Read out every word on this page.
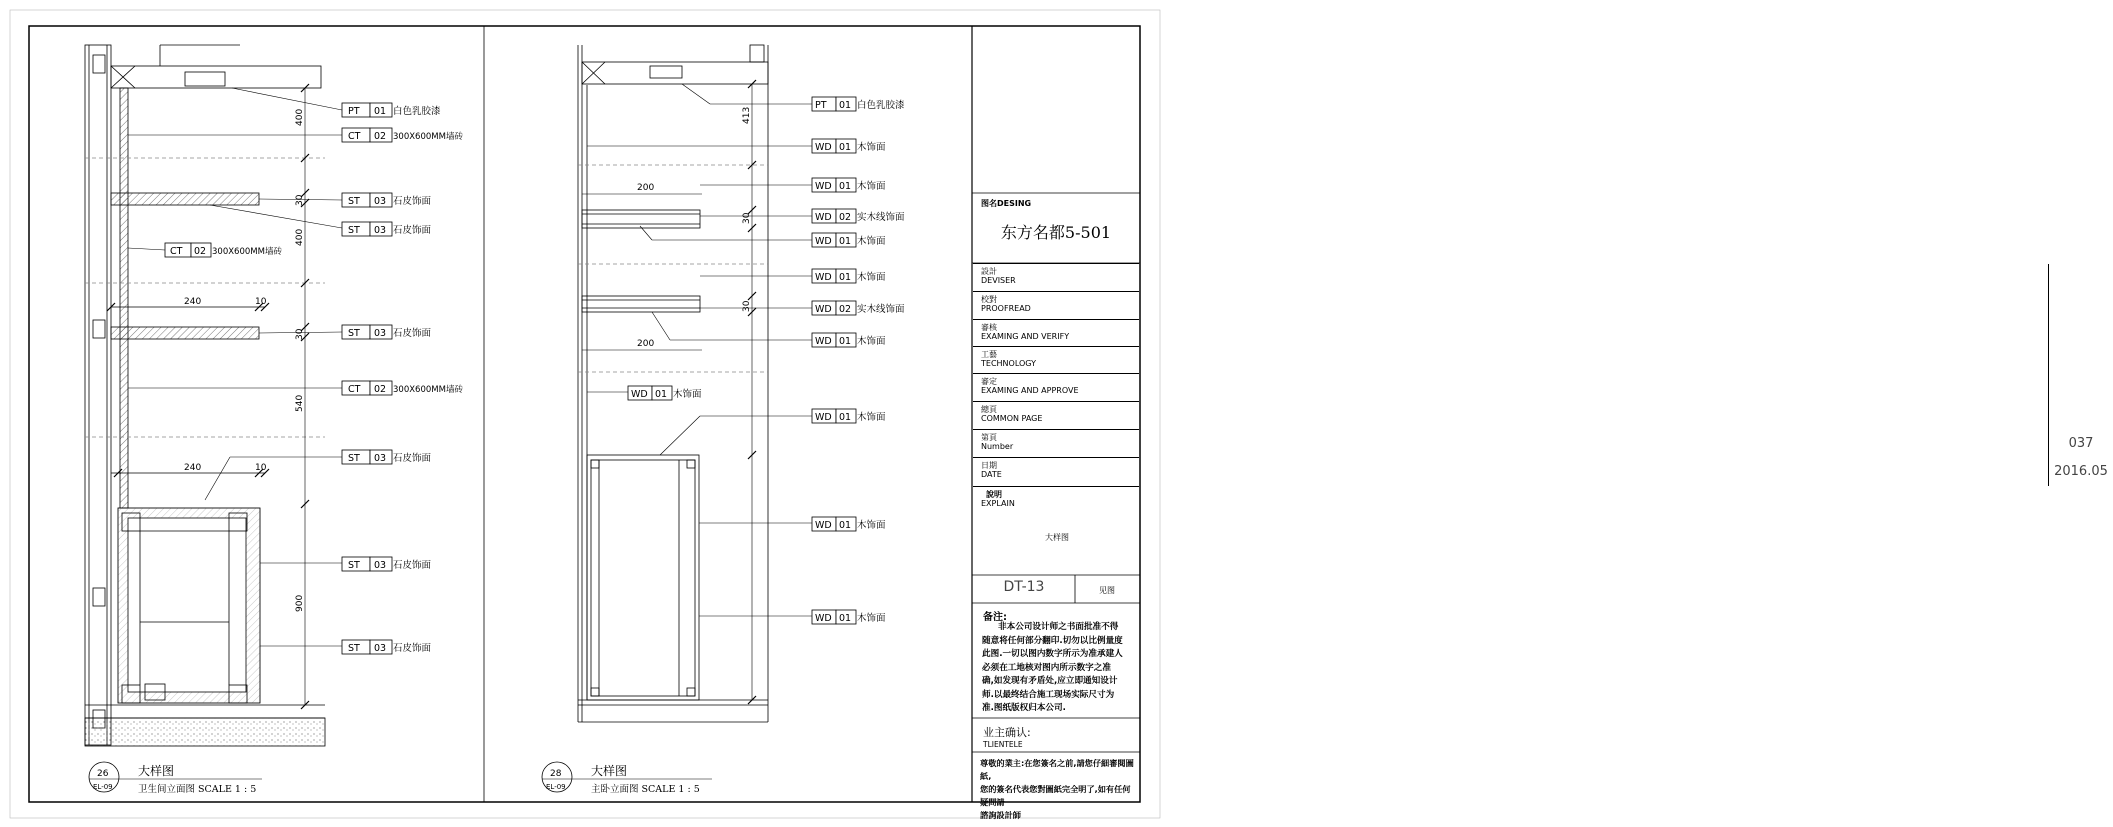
400
30
400
30
540
900
240	10
240	10
PT 01 白色乳胶漆
CT 02 300X600MM墙砖
ST 03 石皮饰面
ST 03 石皮饰面
CT 02 300X600MM墙砖
ST 03 石皮饰面
CT 02 300X600MM墙砖
ST 03 石皮饰面
ST 03 石皮饰面
ST 03 石皮饰面
26
EL-09
大样图
卫生间立面图 SCALE 1 : 5
413
200
30
30
200
PT 01 白色乳胶漆
WD 01 木饰面
WD 01 木饰面
WD 02 实木线饰面
WD 01 木饰面
WD 01 木饰面
WD 02 实木线饰面
WD 01 木饰面
WD 01 木饰面
WD 01 木饰面
WD 01 木饰面
WD 01 木饰面
28
EL-09
大样图
主卧立面图 SCALE 1 : 5
图名DESING
东方名都5-501
設計
DEVISER
校對
PROOFREAD
審核
EXAMING AND VERIFY
工藝
TECHNOLOGY
審定
EXAMING AND APPROVE
總頁
COMMON PAGE
第頁
Number	037
日期
DATE	2016.05
說明
EXPLAIN
大样图
DT-13	见图
备注:
非本公司设计师之书面批准不得
随意将任何部分翻印.切勿以比例量度
此图.一切以图内数字所示为准承建人
必须在工地核对图内所示数字之准
确,如发现有矛盾处,应立即通知设计
师.以最终结合施工现场实际尺寸为
准.图纸版权归本公司.
业主确认:
TLIENTELE
尊敬的業主:在您簽名之前,請您仔細審閱圖紙,
您的簽名代表您對圖紙完全明了,如有任何疑問請
諮詢設計師
